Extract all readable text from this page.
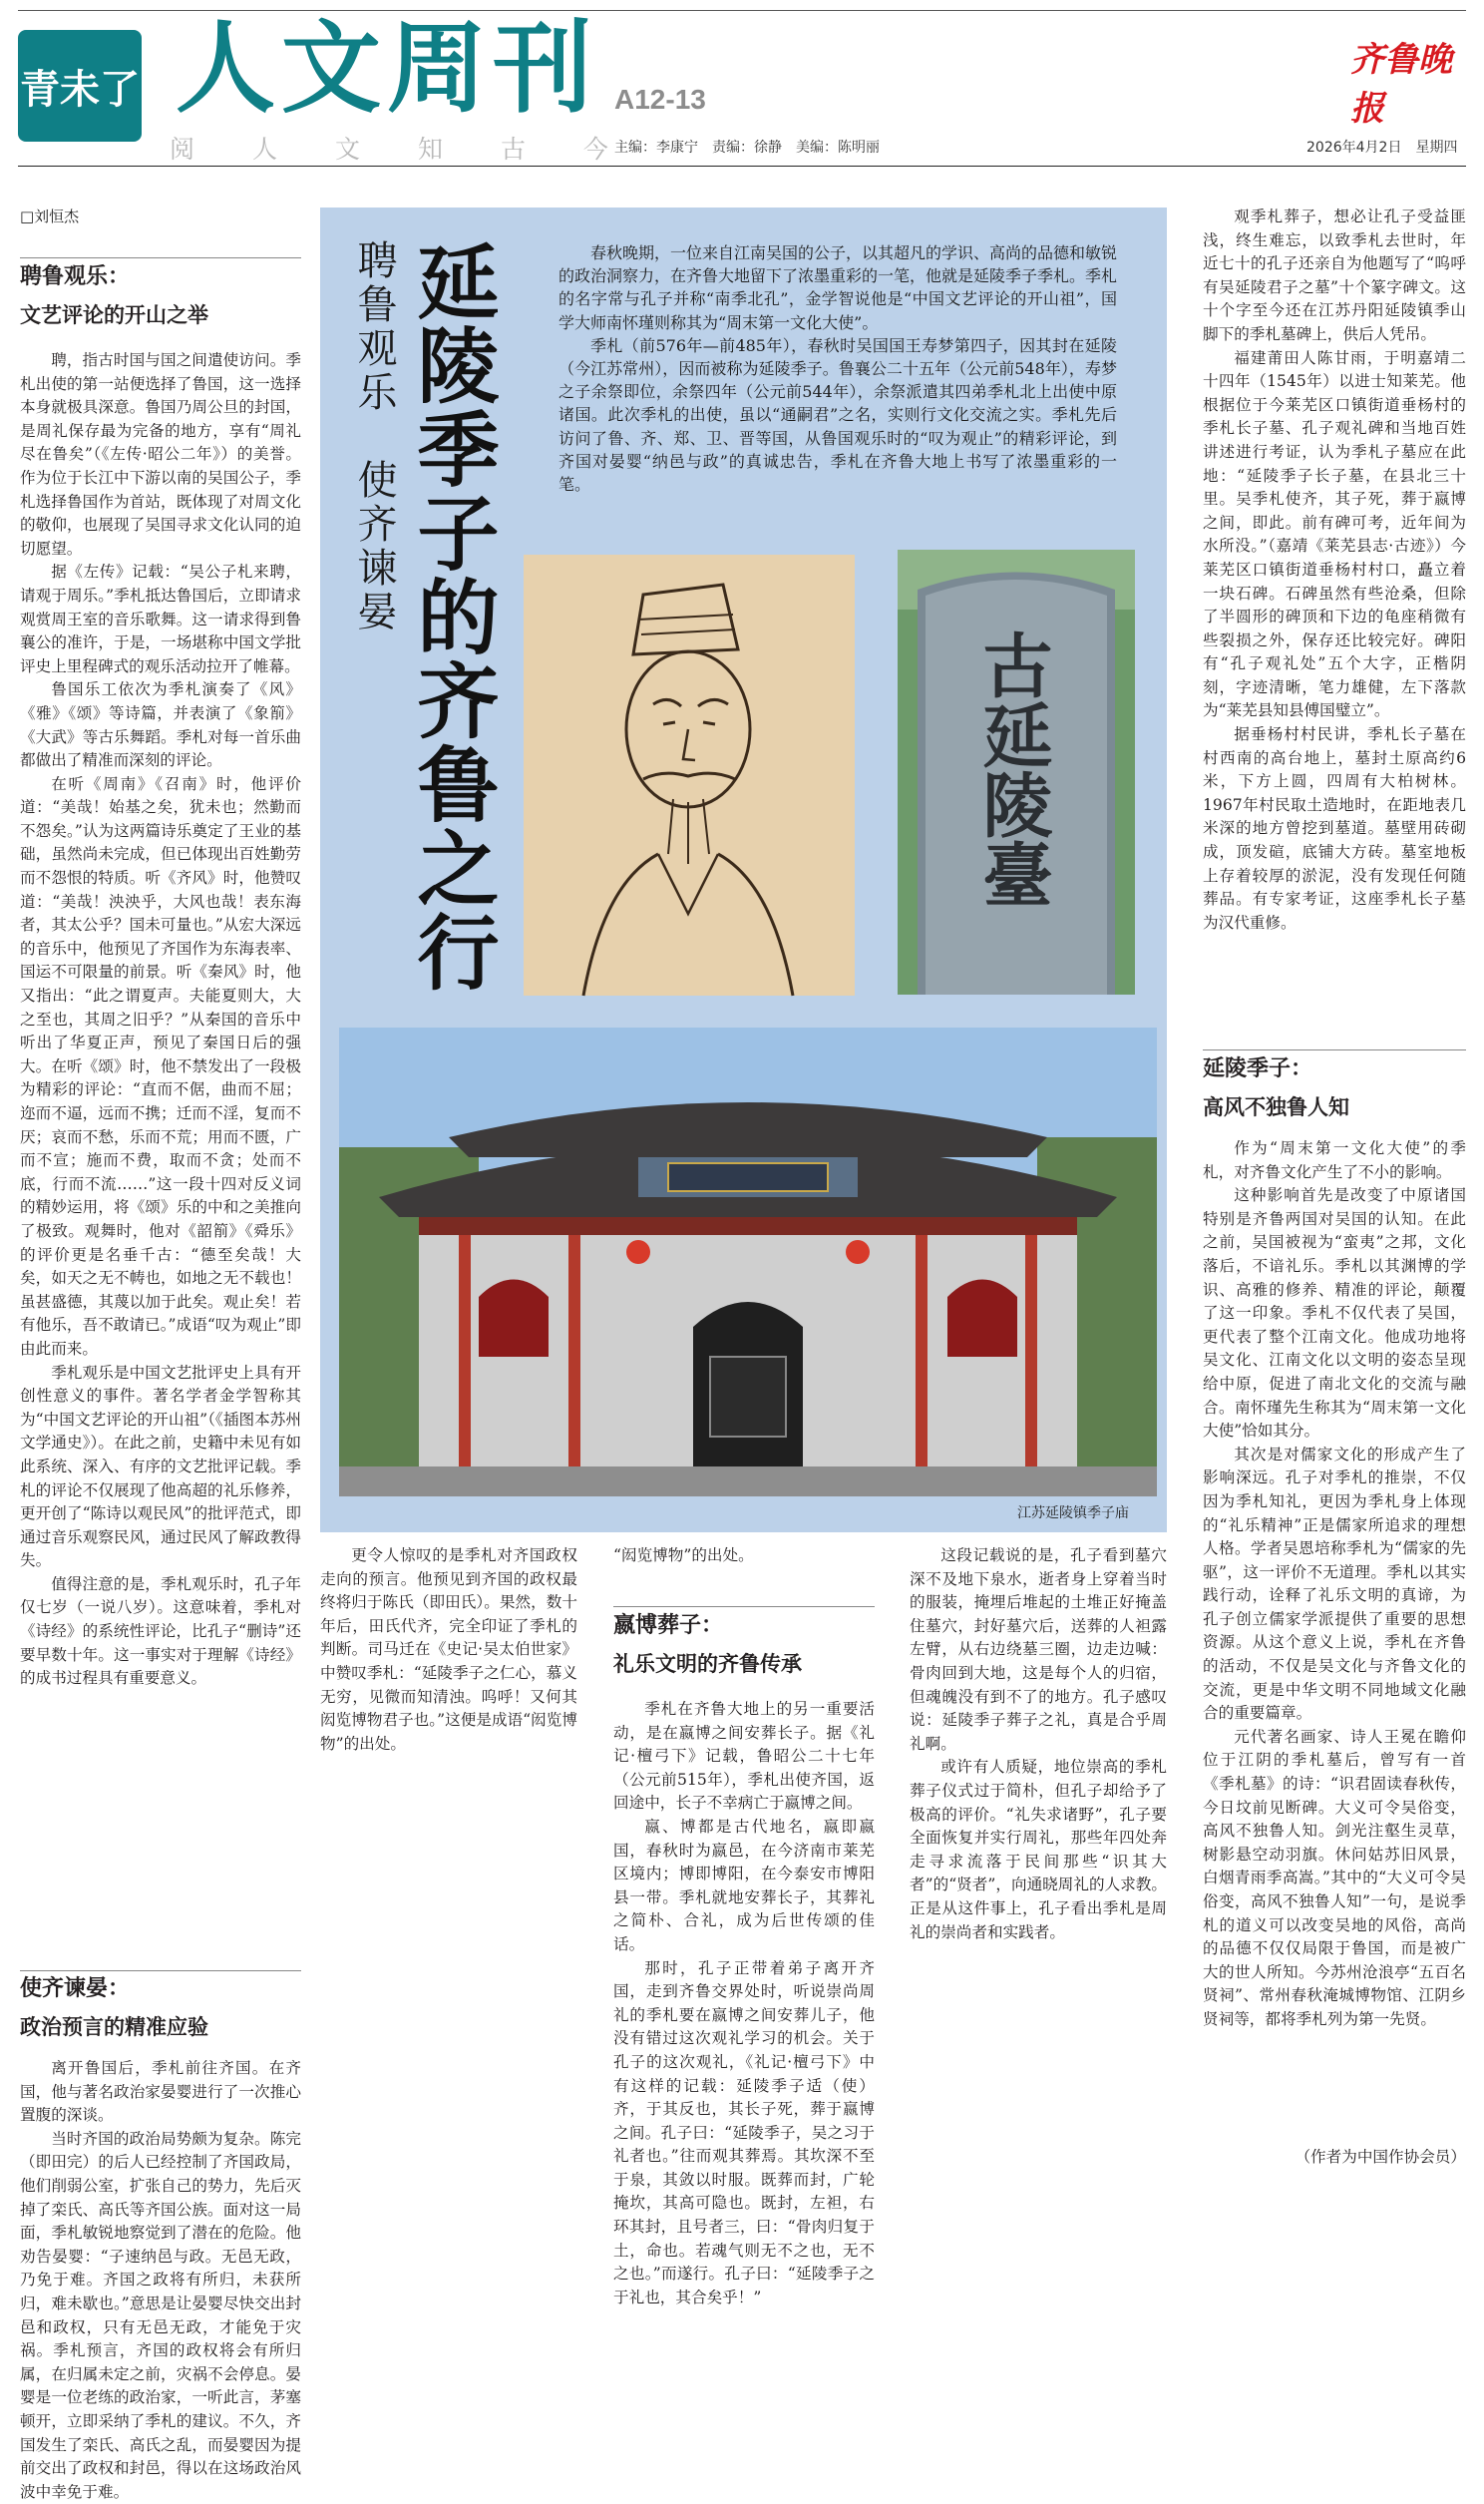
青未了 人文周刊 A12-13
齐鲁晚报
阅 人 文 知 古 今 主编：李康宁　责编：徐静　美编：陈明丽	2026年4月2日　星期四
聘鲁观乐　使齐谏晏 延陵季子的齐鲁之行	春秋晚期，一位来自江南吴国的公子，以其超凡的学识、高尚的品德和敏锐的政治洞察力，在齐鲁大地留下了浓墨重彩的一笔，他就是延陵季子季札。季札的名字常与孔子并称“南季北孔”，金学智说他是“中国文艺评论的开山祖”，国学大师南怀瑾则称其为“周末第一文化大使”。

季札（前576年—前485年），春秋时吴国国王寿梦第四子，因其封在延陵（今江苏常州），因而被称为延陵季子。鲁襄公二十五年（公元前548年），寿梦之子余祭即位，余祭四年（公元前544年），余祭派遣其四弟季札北上出使中原诸国。此次季札的出使，虽以“通嗣君”之名，实则行文化交流之实。季札先后访问了鲁、齐、郑、卫、晋等国，从鲁国观乐时的“叹为观止”的精彩评论，到齐国对晏婴“纳邑与政”的真诚忠告，季札在齐鲁大地上书写了浓墨重彩的一笔。

古延陵臺
江苏延陵镇季子庙
□刘恒杰
聘鲁观乐：
文艺评论的开山之举

聘，指古时国与国之间遣使访问。季札出使的第一站便选择了鲁国，这一选择本身就极具深意。鲁国乃周公旦的封国，是周礼保存最为完备的地方，享有“周礼尽在鲁矣”（《左传·昭公二年》）的美誉。作为位于长江中下游以南的吴国公子，季札选择鲁国作为首站，既体现了对周文化的敬仰，也展现了吴国寻求文化认同的迫切愿望。

据《左传》记载：“吴公子札来聘，请观于周乐。”季札抵达鲁国后，立即请求观赏周王室的音乐歌舞。这一请求得到鲁襄公的准许，于是，一场堪称中国文学批评史上里程碑式的观乐活动拉开了帷幕。

鲁国乐工依次为季札演奏了《风》《雅》《颂》等诗篇，并表演了《象箾》《大武》等古乐舞蹈。季札对每一首乐曲都做出了精准而深刻的评论。

在听《周南》《召南》时，他评价道：“美哉！始基之矣，犹未也；然勤而不怨矣。”认为这两篇诗乐奠定了王业的基础，虽然尚未完成，但已体现出百姓勤劳而不怨恨的特质。听《齐风》时，他赞叹道：“美哉！泱泱乎，大风也哉！表东海者，其太公乎？国未可量也。”从宏大深远的音乐中，他预见了齐国作为东海表率、国运不可限量的前景。听《秦风》时，他又指出：“此之谓夏声。夫能夏则大，大之至也，其周之旧乎？”从秦国的音乐中听出了华夏正声，预见了秦国日后的强大。在听《颂》时，他不禁发出了一段极为精彩的评论：“直而不倨，曲而不屈；迩而不逼，远而不携；迁而不淫，复而不厌；哀而不愁，乐而不荒；用而不匮，广而不宣；施而不费，取而不贪；处而不底，行而不流……”这一段十四对反义词的精妙运用，将《颂》乐的中和之美推向了极致。观舞时，他对《韶箾》《舜乐》的评价更是名垂千古：“德至矣哉！大矣，如天之无不帱也，如地之无不载也！虽甚盛德，其蔑以加于此矣。观止矣！若有他乐，吾不敢请已。”成语“叹为观止”即由此而来。

季札观乐是中国文艺批评史上具有开创性意义的事件。著名学者金学智称其为“中国文艺评论的开山祖”（《插图本苏州文学通史》）。在此之前，史籍中未见有如此系统、深入、有序的文艺批评记载。季札的评论不仅展现了他高超的礼乐修养，更开创了“陈诗以观民风”的批评范式，即通过音乐观察民风，通过民风了解政教得失。

值得注意的是，季札观乐时，孔子年仅七岁（一说八岁）。这意味着，季札对《诗经》的系统性评论，比孔子“删诗”还要早数十年。这一事实对于理解《诗经》的成书过程具有重要意义。

使齐谏晏：
政治预言的精准应验

离开鲁国后，季札前往齐国。在齐国，他与著名政治家晏婴进行了一次推心置腹的深谈。

当时齐国的政治局势颇为复杂。陈完（即田完）的后人已经控制了齐国政局，他们削弱公室，扩张自己的势力，先后灭掉了栾氏、高氏等齐国公族。面对这一局面，季札敏锐地察觉到了潜在的危险。他劝告晏婴：“子速纳邑与政。无邑无政，乃免于难。齐国之政将有所归，未获所归，难未歇也。”意思是让晏婴尽快交出封邑和政权，只有无邑无政，才能免于灾祸。季札预言，齐国的政权将会有所归属，在归属未定之前，灾祸不会停息。晏婴是一位老练的政治家，一听此言，茅塞顿开，立即采纳了季札的建议。不久，齐国发生了栾氏、高氏之乱，而晏婴因为提前交出了政权和封邑，得以在这场政治风波中幸免于难。

更令人惊叹的是季札对齐国政权走向的预言。他预见到齐国的政权最终将归于陈氏（即田氏）。果然，数十年后，田氏代齐，完全印证了季札的判断。司马迁在《史记·吴太伯世家》中赞叹季札：“延陵季子之仁心，慕义无穷，见微而知清浊。呜呼！又何其闳览博物君子也。”这便是成语“闳览博物”的出处。

“闳览博物”的出处。

嬴博葬子：
礼乐文明的齐鲁传承

季札在齐鲁大地上的另一重要活动，是在嬴博之间安葬长子。据《礼记·檀弓下》记载，鲁昭公二十七年（公元前515年），季札出使齐国，返回途中，长子不幸病亡于嬴博之间。

嬴、博都是古代地名，嬴即嬴国，春秋时为嬴邑，在今济南市莱芜区境内；博即博阳，在今泰安市博阳县一带。季札就地安葬长子，其葬礼之简朴、合礼，成为后世传颂的佳话。

那时，孔子正带着弟子离开齐国，走到齐鲁交界处时，听说崇尚周礼的季札要在嬴博之间安葬儿子，他没有错过这次观礼学习的机会。关于孔子的这次观礼，《礼记·檀弓下》中有这样的记载：延陵季子适（使）齐，于其反也，其长子死，葬于嬴博之间。孔子曰：“延陵季子，吴之习于礼者也。”往而观其葬焉。其坎深不至于泉，其敛以时服。既葬而封，广轮掩坎，其高可隐也。既封，左袒，右环其封，且号者三，曰：“骨肉归复于土，命也。若魂气则无不之也，无不之也。”而遂行。孔子曰：“延陵季子之于礼也，其合矣乎！”

这段记载说的是，孔子看到墓穴深不及地下泉水，逝者身上穿着当时的服装，掩埋后堆起的土堆正好掩盖住墓穴，封好墓穴后，送葬的人袒露左臂，从右边绕墓三圈，边走边喊：骨肉回到大地，这是每个人的归宿，但魂魄没有到不了的地方。孔子感叹说：延陵季子葬子之礼，真是合乎周礼啊。

或许有人质疑，地位崇高的季札葬子仪式过于简朴，但孔子却给予了极高的评价。“礼失求诸野”，孔子要全面恢复并实行周礼，那些年四处奔走寻求流落于民间那些“识其大者”的“贤者”，向通晓周礼的人求教。正是从这件事上，孔子看出季札是周礼的崇尚者和实践者。

观季札葬子，想必让孔子受益匪浅，终生难忘，以致季札去世时，年近七十的孔子还亲自为他题写了“呜呼有吴延陵君子之墓”十个篆字碑文。这十个字至今还在江苏丹阳延陵镇季山脚下的季札墓碑上，供后人凭吊。

福建莆田人陈甘雨，于明嘉靖二十四年（1545年）以进士知莱芜。他根据位于今莱芜区口镇街道垂杨村的季札长子墓、孔子观礼碑和当地百姓讲述进行考证，认为季札子墓应在此地：“延陵季子长子墓，在县北三十里。吴季札使齐，其子死，葬于嬴博之间，即此。前有碑可考，近年间为水所没。”（嘉靖《莱芜县志·古迹》）今莱芜区口镇街道垂杨村村口，矗立着一块石碑。石碑虽然有些沧桑，但除了半圆形的碑顶和下边的龟座稍微有些裂损之外，保存还比较完好。碑阳有“孔子观礼处”五个大字，正楷阴刻，字迹清晰，笔力雄健，左下落款为“莱芜县知县傅国璧立”。

据垂杨村村民讲，季札长子墓在村西南的高台地上，墓封土原高约6米，下方上圆，四周有大柏树林。1967年村民取土造地时，在距地表几米深的地方曾挖到墓道。墓壁用砖砌成，顶发碹，底铺大方砖。墓室地板上存着较厚的淤泥，没有发现任何随葬品。有专家考证，这座季札长子墓为汉代重修。

延陵季子：
高风不独鲁人知

作为“周末第一文化大使”的季札，对齐鲁文化产生了不小的影响。

这种影响首先是改变了中原诸国特别是齐鲁两国对吴国的认知。在此之前，吴国被视为“蛮夷”之邦，文化落后，不谙礼乐。季札以其渊博的学识、高雅的修养、精准的评论，颠覆了这一印象。季札不仅代表了吴国，更代表了整个江南文化。他成功地将吴文化、江南文化以文明的姿态呈现给中原，促进了南北文化的交流与融合。南怀瑾先生称其为“周末第一文化大使”恰如其分。

其次是对儒家文化的形成产生了影响深远。孔子对季札的推崇，不仅因为季札知礼，更因为季札身上体现的“礼乐精神”正是儒家所追求的理想人格。学者吴恩培称季札为“儒家的先驱”，这一评价不无道理。季札以其实践行动，诠释了礼乐文明的真谛，为孔子创立儒家学派提供了重要的思想资源。从这个意义上说，季札在齐鲁的活动，不仅是吴文化与齐鲁文化的交流，更是中华文明不同地域文化融合的重要篇章。

元代著名画家、诗人王冕在瞻仰位于江阴的季札墓后，曾写有一首《季札墓》的诗：“识君固读春秋传，今日坟前见断碑。大义可令吴俗变，高风不独鲁人知。剑光注壑生灵草，树影悬空动羽旗。休问姑苏旧风景，白烟青雨季高嵩。”其中的“大义可令吴俗变，高风不独鲁人知”一句，是说季札的道义可以改变吴地的风俗，高尚的品德不仅仅局限于鲁国，而是被广大的世人所知。今苏州沧浪亭“五百名贤祠”、常州春秋淹城博物馆、江阴乡贤祠等，都将季札列为第一先贤。

（作者为中国作协会员）
